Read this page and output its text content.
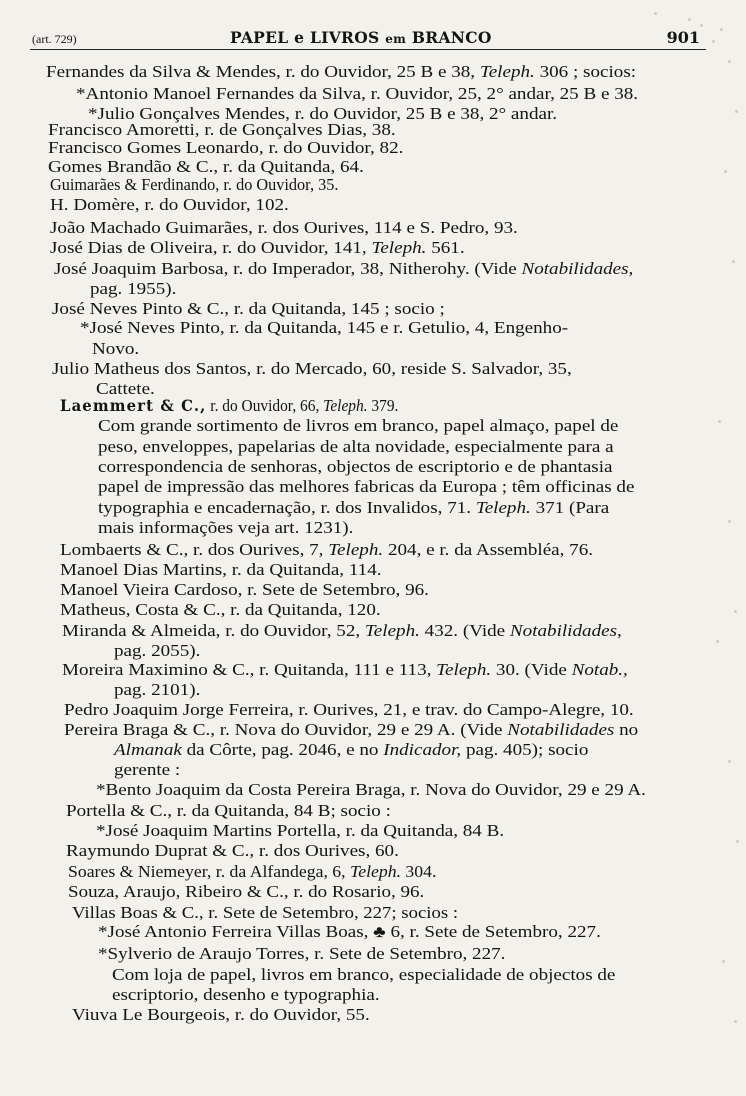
(art. 729)	PAPEL e LIVROS em BRANCO	901
Fernandes da Silva & Mendes, r. do Ouvidor, 25 B e 38, Teleph. 306 ; socios:
*Antonio Manoel Fernandes da Silva, r. Ouvidor, 25, 2° andar, 25 B e 38.
*Julio Gonçalves Mendes, r. do Ouvidor, 25 B e 38, 2° andar.
Francisco Amoretti, r. de Gonçalves Dias, 38.
Francisco Gomes Leonardo, r. do Ouvidor, 82.
Gomes Brandão & C., r. da Quitanda, 64.
Guimarães & Ferdinando, r. do Ouvidor, 35.
H. Domère, r. do Ouvidor, 102.
João Machado Guimarães, r. dos Ourives, 114 e S. Pedro, 93.
José Dias de Oliveira, r. do Ouvidor, 141, Teleph. 561.
José Joaquim Barbosa, r. do Imperador, 38, Nitherohy. (Vide Notabilidades,
pag. 1955).
José Neves Pinto & C., r. da Quitanda, 145 ; socio ;
*José Neves Pinto, r. da Quitanda, 145 e r. Getulio, 4, Engenho-
Novo.
Julio Matheus dos Santos, r. do Mercado, 60, reside S. Salvador, 35,
Cattete.
Laemmert & C., r. do Ouvidor, 66, Teleph. 379.
Com grande sortimento de livros em branco, papel almaço, papel de
peso, enveloppes, papelarias de alta novidade, especialmente para a
correspondencia de senhoras, objectos de escriptorio e de phantasia
papel de impressão das melhores fabricas da Europa ; têm officinas de
typographia e encadernação, r. dos Invalidos, 71. Teleph. 371 (Para
mais informações veja art. 1231).
Lombaerts & C., r. dos Ourives, 7, Teleph. 204, e r. da Assembléa, 76.
Manoel Dias Martins, r. da Quitanda, 114.
Manoel Vieira Cardoso, r. Sete de Setembro, 96.
Matheus, Costa & C., r. da Quitanda, 120.
Miranda & Almeida, r. do Ouvidor, 52, Teleph. 432. (Vide Notabilidades,
pag. 2055).
Moreira Maximino & C., r. Quitanda, 111 e 113, Teleph. 30. (Vide Notab.,
pag. 2101).
Pedro Joaquim Jorge Ferreira, r. Ourives, 21, e trav. do Campo-Alegre, 10.
Pereira Braga & C., r. Nova do Ouvidor, 29 e 29 A. (Vide Notabilidades no
Almanak da Côrte, pag. 2046, e no Indicador, pag. 405); socio
gerente :
*Bento Joaquim da Costa Pereira Braga, r. Nova do Ouvidor, 29 e 29 A.
Portella & C., r. da Quitanda, 84 B; socio :
*José Joaquim Martins Portella, r. da Quitanda, 84 B.
Raymundo Duprat & C., r. dos Ourives, 60.
Soares & Niemeyer, r. da Alfandega, 6, Teleph. 304.
Souza, Araujo, Ribeiro & C., r. do Rosario, 96.
Villas Boas & C., r. Sete de Setembro, 227; socios :
*José Antonio Ferreira Villas Boas, ♣ 6, r. Sete de Setembro, 227.
*Sylverio de Araujo Torres, r. Sete de Setembro, 227.
Com loja de papel, livros em branco, especialidade de objectos de
escriptorio, desenho e typographia.
Viuva Le Bourgeois, r. do Ouvidor, 55.
